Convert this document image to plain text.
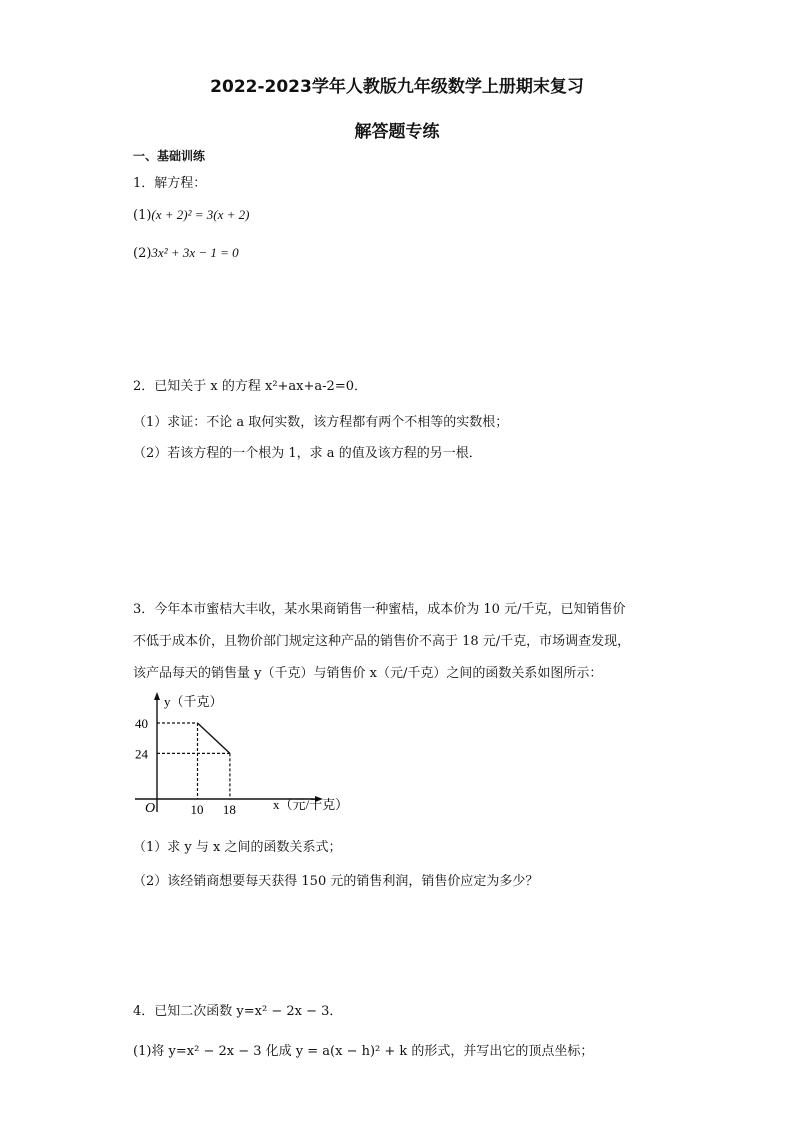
2022-2023学年人教版九年级数学上册期末复习
解答题专练
一、基础训练
1．解方程：
(1)(x + 2)² = 3(x + 2)
(2)3x² + 3x − 1 = 0
2．已知关于 x 的方程 x²+ax+a-2=0．
（1）求证：不论 a 取何实数，该方程都有两个不相等的实数根；
（2）若该方程的一个根为 1，求 a 的值及该方程的另一根．
3．今年本市蜜桔大丰收，某水果商销售一种蜜桔，成本价为 10 元/千克，已知销售价
不低于成本价，且物价部门规定这种产品的销售价不高于 18 元/千克，市场调查发现，
该产品每天的销售量 y（千克）与销售价 x（元/千克）之间的函数关系如图所示：
y（千克）
x（元/千克）
O
40
24
10 18
（1）求 y 与 x 之间的函数关系式；
（2）该经销商想要每天获得 150 元的销售利润，销售价应定为多少？
4．已知二次函数 y=x² − 2x − 3．
(1)将 y=x² − 2x − 3 化成 y = a(x − h)² + k 的形式，并写出它的顶点坐标；
